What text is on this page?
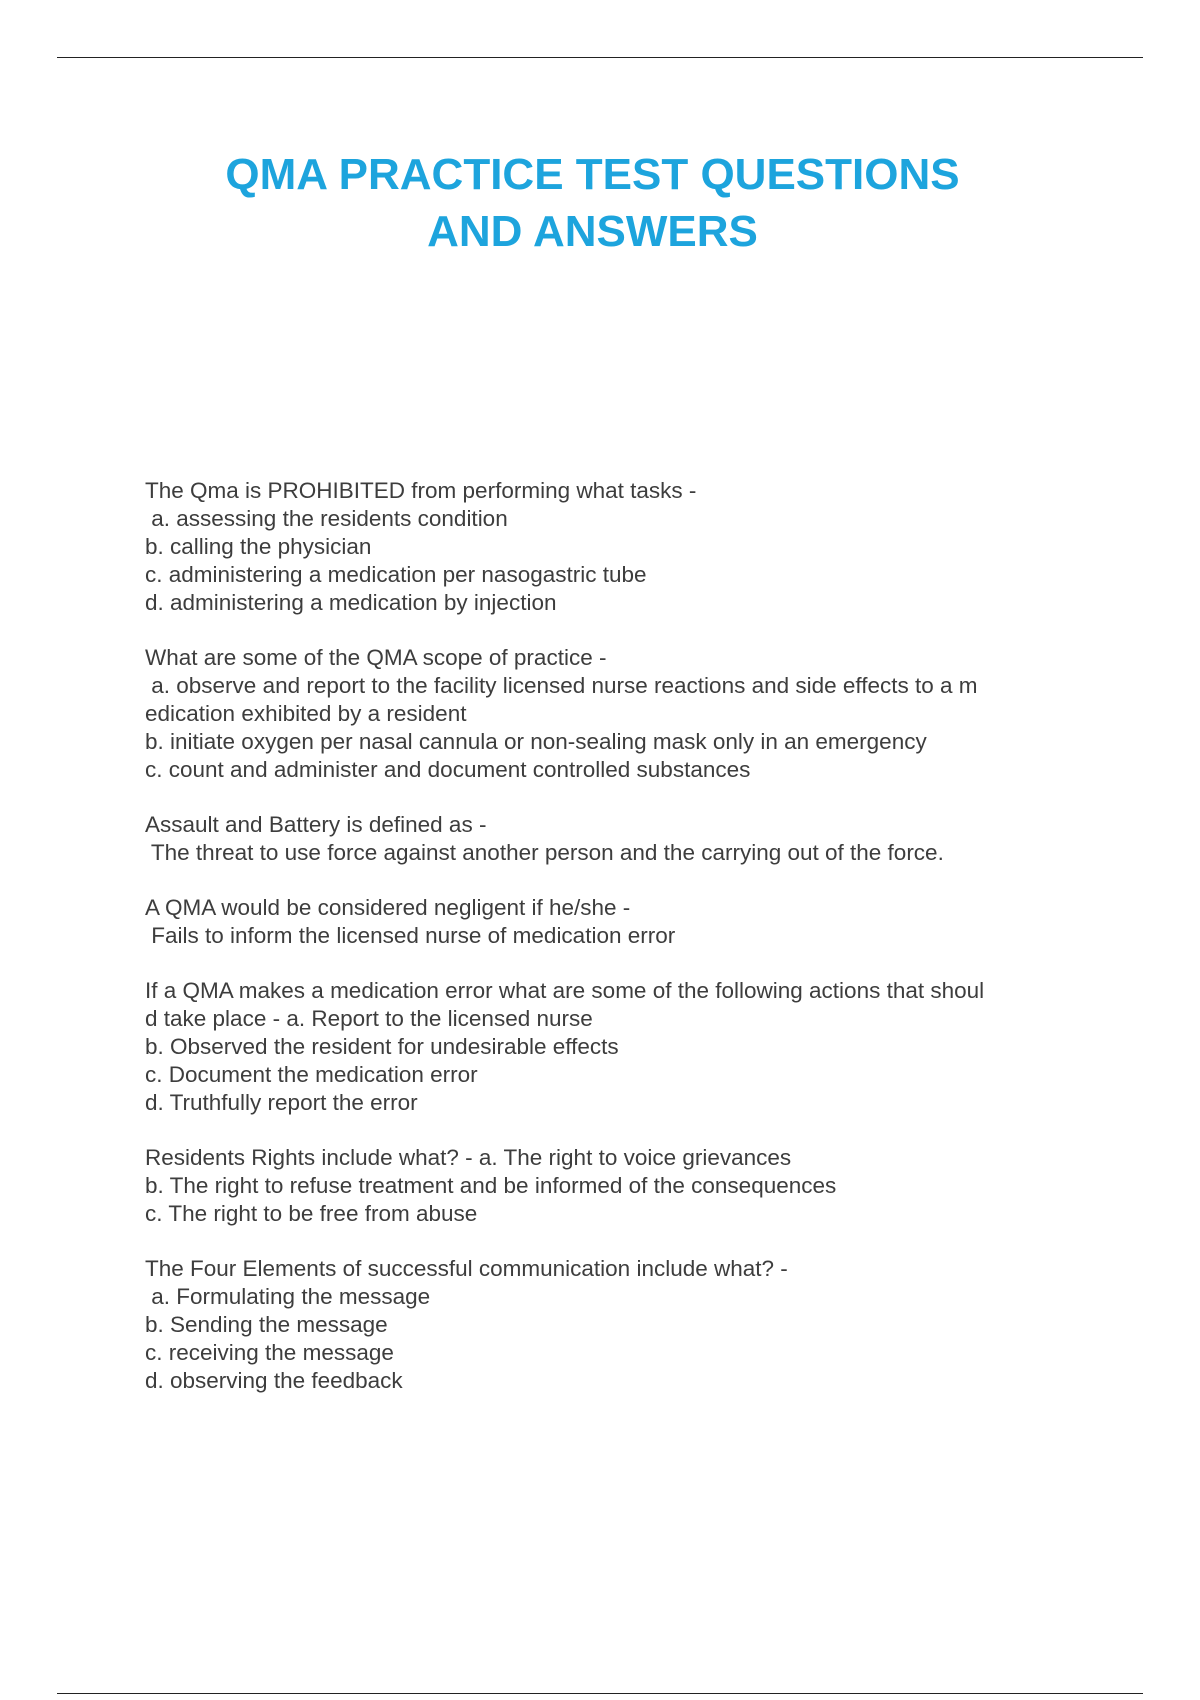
QMA PRACTICE TEST QUESTIONS
AND ANSWERS

The Qma is PROHIBITED from performing what tasks -

a. assessing the residents condition

b. calling the physician

c. administering a medication per nasogastric tube

d. administering a medication by injection

What are some of the QMA scope of practice -

a. observe and report to the facility licensed nurse reactions and side effects to a m

edication exhibited by a resident

b. initiate oxygen per nasal cannula or non-sealing mask only in an emergency

c. count and administer and document controlled substances

Assault and Battery is defined as -

The threat to use force against another person and the carrying out of the force.

A QMA would be considered negligent if he/she -

Fails to inform the licensed nurse of medication error

If a QMA makes a medication error what are some of the following actions that shoul

d take place - a. Report to the licensed nurse

b. Observed the resident for undesirable effects

c. Document the medication error

d. Truthfully report the error

Residents Rights include what? - a. The right to voice grievances

b. The right to refuse treatment and be informed of the consequences

c. The right to be free from abuse

The Four Elements of successful communication include what? -

a. Formulating the message

b. Sending the message

c. receiving the message

d. observing the feedback
